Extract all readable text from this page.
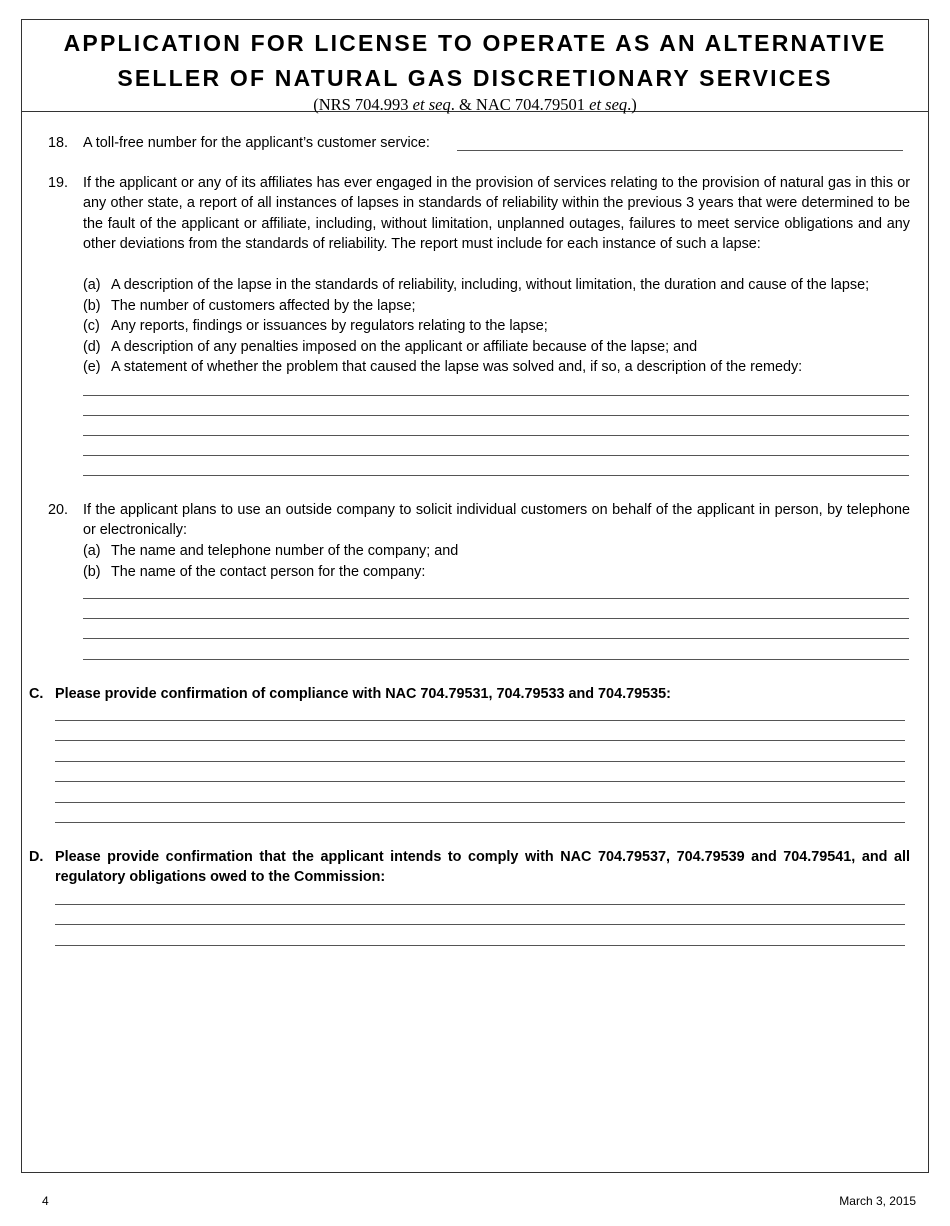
APPLICATION FOR LICENSE TO OPERATE AS AN ALTERNATIVE
SELLER OF NATURAL GAS DISCRETIONARY SERVICES
(NRS 704.993 et seq. & NAC 704.79501 et seq.)
18. A toll-free number for the applicant’s customer service:
19. If the applicant or any of its affiliates has ever engaged in the provision of services relating to the provision of natural gas in this or any other state, a report of all instances of lapses in standards of reliability within the previous 3 years that were determined to be the fault of the applicant or affiliate, including, without limitation, unplanned outages, failures to meet service obligations and any other deviations from the standards of reliability. The report must include for each instance of such a lapse:
(a) A description of the lapse in the standards of reliability, including, without limitation, the duration and cause of the lapse;
(b) The number of customers affected by the lapse;
(c) Any reports, findings or issuances by regulators relating to the lapse;
(d) A description of any penalties imposed on the applicant or affiliate because of the lapse; and
(e) A statement of whether the problem that caused the lapse was solved and, if so, a description of the remedy:
20. If the applicant plans to use an outside company to solicit individual customers on behalf of the applicant in person, by telephone or electronically:
(a) The name and telephone number of the company; and
(b) The name of the contact person for the company:
C. Please provide confirmation of compliance with NAC 704.79531, 704.79533 and 704.79535:
D. Please provide confirmation that the applicant intends to comply with NAC 704.79537, 704.79539 and 704.79541, and all regulatory obligations owed to the Commission:
4	March 3, 2015
